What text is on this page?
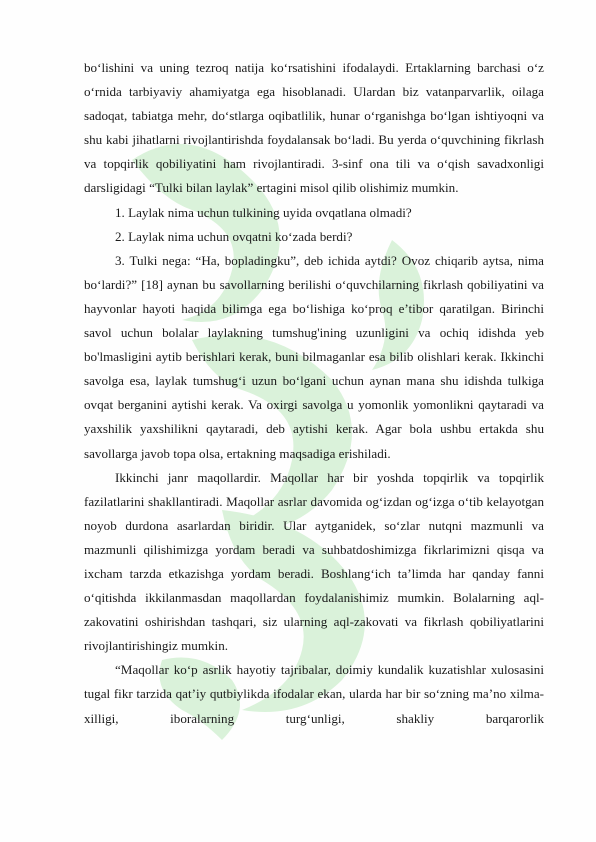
bo‘lishini va uning tezroq natija ko‘rsatishini ifodalaydi. Ertaklarning barchasi o‘z o‘rnida tarbiyaviy ahamiyatga ega hisoblanadi. Ulardan biz vatanparvarlik, oilaga sadoqat, tabiatga mehr, do‘stlarga oqibatlilik, hunar o‘rganishga bo‘lgan ishtiyoqni va shu kabi jihatlarni rivojlantirishda foydalansak bo‘ladi. Bu yerda o‘quvchining fikrlash va topqirlik qobiliyatini ham rivojlantiradi. 3-sinf ona tili va o‘qish savadxonligi darsligidagi “Tulki bilan laylak” ertagini misol qilib olishimiz mumkin.

1. Laylak nima uchun tulkining uyida ovqatlana olmadi?

2. Laylak nima uchun ovqatni ko‘zada berdi?

3. Tulki nega: “Ha, bopladingku”, deb ichida aytdi? Ovoz chiqarib aytsa, nima bo‘lardi?” [18] aynan bu savollarning berilishi o‘quvchilarning fikrlash qobiliyatini va hayvonlar hayoti haqida bilimga ega bo‘lishiga ko‘proq e’tibor qaratilgan. Birinchi savol uchun bolalar laylakning tumshug'ining uzunligini va ochiq idishda yeb bo'lmasligini aytib berishlari kerak, buni bilmaganlar esa bilib olishlari kerak. Ikkinchi savolga esa, laylak tumshug‘i uzun bo‘lgani uchun aynan mana shu idishda tulkiga ovqat berganini aytishi kerak. Va oxirgi savolga u yomonlik yomonlikni qaytaradi va yaxshilik yaxshilikni qaytaradi, deb aytishi kerak. Agar bola ushbu ertakda shu savollarga javob topa olsa, ertakning maqsadiga erishiladi.

Ikkinchi janr maqollardir. Maqollar har bir yoshda topqirlik va topqirlik fazilatlarini shakllantiradi. Maqollar asrlar davomida og‘izdan og‘izga o‘tib kelayotgan noyob durdona asarlardan biridir. Ular aytganidek, so‘zlar nutqni mazmunli va mazmunli qilishimizga yordam beradi va suhbatdoshimizga fikrlarimizni qisqa va ixcham tarzda etkazishga yordam beradi. Boshlang‘ich ta’limda har qanday fanni o‘qitishda ikkilanmasdan maqollardan foydalanishimiz mumkin. Bolalarning aql-zakovatini oshirishdan tashqari, siz ularning aql-zakovati va fikrlash qobiliyatlarini rivojlantirishingiz mumkin.

“Maqollar ko‘p asrlik hayotiy tajribalar, doimiy kundalik kuzatishlar xulosasini tugal fikr tarzida qat’iy qutbiylikda ifodalar ekan, ularda har bir so‘zning ma’no xilma-xilligi, iboralarning turg‘unligi, shakliy barqarorlik
